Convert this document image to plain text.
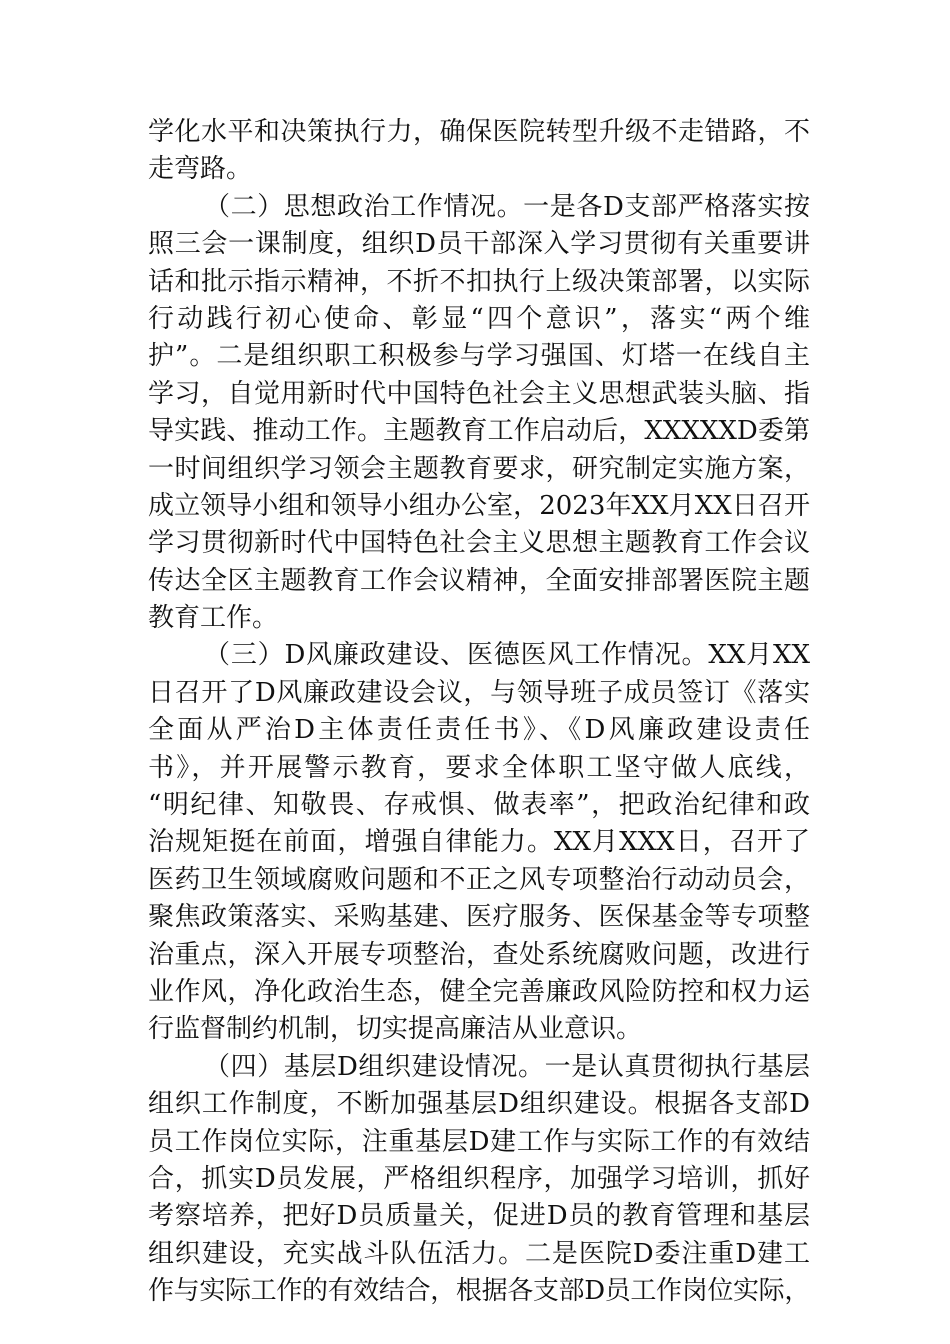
学化水平和决策执行力，确保医院转型升级不走错路，不
走弯路。
（二）思想政治工作情况。一是各D支部严格落实按
照三会一课制度，组织D员干部深入学习贯彻有关重要讲
话和批示指示精神，不折不扣执行上级决策部署，以实际
行动践行初心使命、彰显“四个意识”，落实“两个维
护”。二是组织职工积极参与学习强国、灯塔一在线自主
学习，自觉用新时代中国特色社会主义思想武装头脑、指
导实践、推动工作。主题教育工作启动后，XXXXXD委第
一时间组织学习领会主题教育要求，研究制定实施方案，
成立领导小组和领导小组办公室，2023年XX月XX日召开
学习贯彻新时代中国特色社会主义思想主题教育工作会议
传达全区主题教育工作会议精神，全面安排部署医院主题
教育工作。
（三）D风廉政建设、医德医风工作情况。XX月XX
日召开了D风廉政建设会议，与领导班子成员签订《落实
全面从严治D主体责任责任书》、《D风廉政建设责任
书》，并开展警示教育，要求全体职工坚守做人底线，
“明纪律、知敬畏、存戒惧、做表率”，把政治纪律和政
治规矩挺在前面，增强自律能力。XX月XXX日，召开了
医药卫生领域腐败问题和不正之风专项整治行动动员会，
聚焦政策落实、采购基建、医疗服务、医保基金等专项整
治重点，深入开展专项整治，查处系统腐败问题，改进行
业作风，净化政治生态，健全完善廉政风险防控和权力运
行监督制约机制，切实提高廉洁从业意识。
（四）基层D组织建设情况。一是认真贯彻执行基层
组织工作制度，不断加强基层D组织建设。根据各支部D
员工作岗位实际，注重基层D建工作与实际工作的有效结
合，抓实D员发展，严格组织程序，加强学习培训，抓好
考察培养，把好D员质量关，促进D员的教育管理和基层
组织建设，充实战斗队伍活力。二是医院D委注重D建工
作与实际工作的有效结合，根据各支部D员工作岗位实际，
